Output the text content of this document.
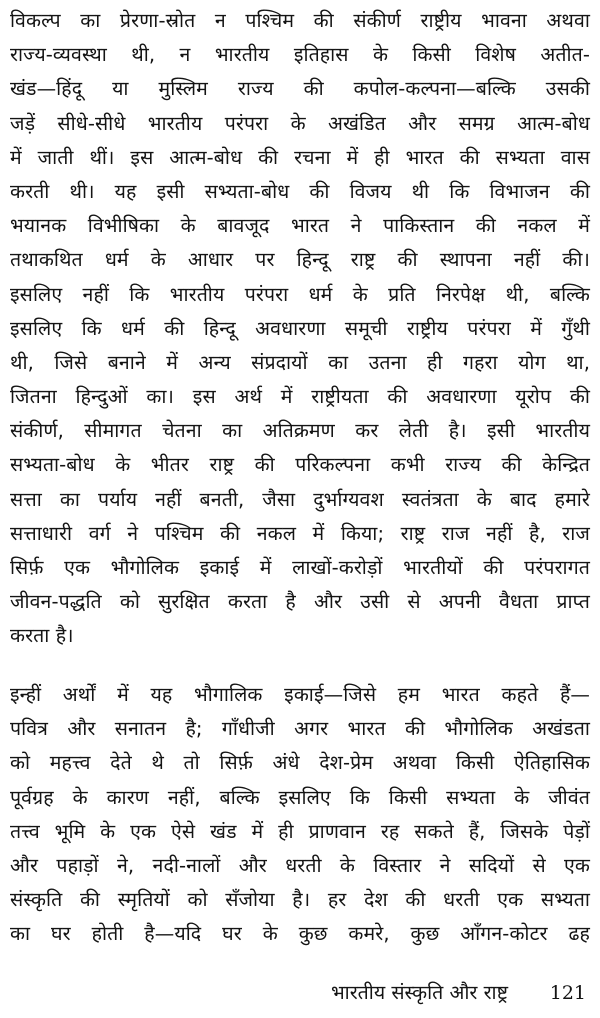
विकल्प का प्रेरणा-स्रोत न पश्चिम की संकीर्ण राष्ट्रीय भावना अथवा
राज्य-व्यवस्था थी, न भारतीय इतिहास के किसी विशेष अतीत-
खंड—हिंदू या मुस्लिम राज्य की कपोल-कल्पना—बल्कि उसकी
जड़ें सीधे-सीधे भारतीय परंपरा के अखंडित और समग्र आत्म-बोध
में जाती थीं। इस आत्म-बोध की रचना में ही भारत की सभ्यता वास
करती थी। यह इसी सभ्यता-बोध की विजय थी कि विभाजन की
भयानक विभीषिका के बावजूद भारत ने पाकिस्तान की नकल में
तथाकथित धर्म के आधार पर हिन्दू राष्ट्र की स्थापना नहीं की।
इसलिए नहीं कि भारतीय परंपरा धर्म के प्रति निरपेक्ष थी, बल्कि
इसलिए कि धर्म की हिन्दू अवधारणा समूची राष्ट्रीय परंपरा में गुँथी
थी, जिसे बनाने में अन्य संप्रदायों का उतना ही गहरा योग था,
जितना हिन्दुओं का। इस अर्थ में राष्ट्रीयता की अवधारणा यूरोप की
संकीर्ण, सीमागत चेतना का अतिक्रमण कर लेती है। इसी भारतीय
सभ्यता-बोध के भीतर राष्ट्र की परिकल्पना कभी राज्य की केन्द्रित
सत्ता का पर्याय नहीं बनती, जैसा दुर्भाग्यवश स्वतंत्रता के बाद हमारे
सत्ताधारी वर्ग ने पश्चिम की नकल में किया; राष्ट्र राज नहीं है, राज
सिर्फ़ एक भौगोलिक इकाई में लाखों-करोड़ों भारतीयों की परंपरागत
जीवन-पद्धति को सुरक्षित करता है और उसी से अपनी वैधता प्राप्त
करता है।
इन्हीं अर्थों में यह भौगालिक इकाई—जिसे हम भारत कहते हैं—
पवित्र और सनातन है; गाँधीजी अगर भारत की भौगोलिक अखंडता
को महत्त्व देते थे तो सिर्फ़ अंधे देश-प्रेम अथवा किसी ऐतिहासिक
पूर्वग्रह के कारण नहीं, बल्कि इसलिए कि किसी सभ्यता के जीवंत
तत्त्व भूमि के एक ऐसे खंड में ही प्राणवान रह सकते हैं, जिसके पेड़ों
और पहाड़ों ने, नदी-नालों और धरती के विस्तार ने सदियों से एक
संस्कृति की स्मृतियों को सँजोया है। हर देश की धरती एक सभ्यता
का घर होती है—यदि घर के कुछ कमरे, कुछ आँगन-कोटर ढह
भारतीय संस्कृति और राष्ट्र 121
